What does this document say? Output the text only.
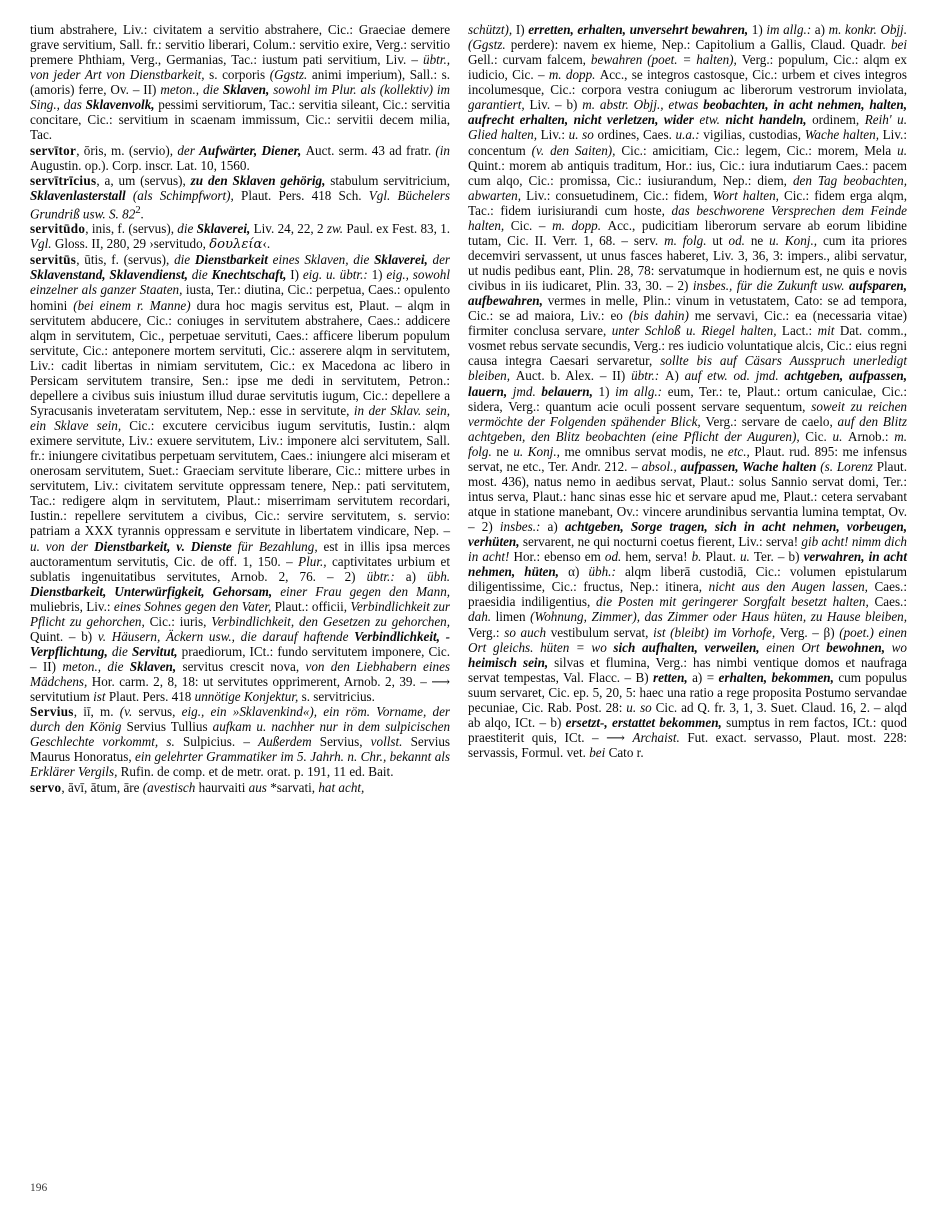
tium abstrahere, Liv.: civitatem a servitio abstrahere, Cic.: Graeciae demere grave servitium, Sall. fr.: servitio liberari, Colum.: servitio exire, Verg.: servitio premere Phthiam, Verg., Germanias, Tac.: iustum pati servitium, Liv. – übtr., von jeder Art von Dienstbarkeit, s. corporis (Ggstz. animi imperium), Sall.: s. (amoris) ferre, Ov. – II) meton., die Sklaven, sowohl im Plur. als (kollektiv) im Sing., das Sklavenvolk, pessimi servitiorum, Tac.: servitia sileant, Cic.: servitia concitare, Cic.: servitium in scaenam immissum, Cic.: servitii decem milia, Tac.

servītor, ōris, m. (servio), der Aufwärter, Diener, Auct. serm. 43 ad fratr. (in Augustin. op.). Corp. inscr. Lat. 10, 1560.

servītrīcius, a, um (servus), zu den Sklaven gehörig, stabulum servitricium, Sklavenlasterstall (als Schimpfwort), Plaut. Pers. 418 Sch. Vgl. Büchelers Grundriß usw. S. $82^2$.

servitūdo, inis, f. (servus), die Sklaverei, Liv. 24, 22, 2 zw. Paul. ex Fest. 83, 1. Vgl. Gloss. II, 280, 29 ›servitudo, δουλεία‹.

servitūs, ūtis, f. (servus), die Dienstbarkeit eines Sklaven, die Sklaverei, der Sklavenstand, Sklavendienst, die Knechtschaft, I) eig. u. übtr.: 1) eig., sowohl einzelner als ganzer Staaten, iusta, Ter.: diutina, Cic.: perpetua, Caes.: opulento homini (bei einem r. Manne) dura hoc magis servitus est, Plaut. – alqm in servitutem abducere, Cic.: coniuges in servitutem abstrahere, Caes.: addicere alqm in servitutem, Cic., perpetuae servituti, Caes.: afficere liberum populum servitute, Cic.: anteponere mortem servituti, Cic.: asserere alqm in servitutem, Liv.: cadit libertas in nimiam servitutem, Cic.: ex Macedona ac libero in Persicam servitutem transire, Sen.: ipse me dedi in servitutem, Petron.: depellere a civibus suis iniustum illud durae servitutis iugum, Cic.: depellere a Syracusanis inveteratam servitutem, Nep.: esse in servitute, in der Sklav. sein, ein Sklave sein, Cic.: excutere cervicibus iugum servitutis, Iustin.: alqm eximere servitute, Liv.: exuere servitutem, Liv.: imponere alci servitutem, Sall. fr.: iniungere civitatibus perpetuam servitutem, Caes.: iniungere alci miseram et onerosam servitutem, Suet.: Graeciam servitute liberare, Cic.: mittere urbes in servitutem, Liv.: civitatem servitute oppressam tenere, Nep.: pati servitutem, Tac.: redigere alqm in servitutem, Plaut.: miserrimam servitutem recordari, Iustin.: repellere servitutem a civibus, Cic.: servire servitutem, s. servio: patriam a XXX tyrannis oppressam e servitute in libertatem vindicare, Nep. – u. von der Dienstbarkeit, v. Dienste für Bezahlung, est in illis ipsa merces auctoramentum servitutis, Cic. de off. 1, 150. – Plur., captivitates urbium et sublatis ingenuitatibus servitutes, Arnob. 2, 76. – 2) übtr.: a) übh. Dienstbarkeit, Unterwürfigkeit, Gehorsam, einer Frau gegen den Mann, muliebris, Liv.: eines Sohnes gegen den Vater, Plaut.: officii, Verbindlichkeit zur Pflicht zu gehorchen, Cic.: iuris, Verbindlichkeit, den Gesetzen zu gehorchen, Quint. – b) v. Häusern, Äckern usw., die darauf haftende Verbindlichkeit, -Verpflichtung, die Servitut, praediorum, ICt.: fundo servitutem imponere, Cic. – II) meton., die Sklaven, servitus crescit nova, von den Liebhabern eines Mädchens, Hor. carm. 2, 8, 18: ut servitutes opprimerent, Arnob. 2, 39. – ⟶ servitutium ist Plaut. Pers. 418 unnötige Konjektur, s. servitricius.

Servius, iī, m. (v. servus, eig., ein »Sklavenkind«), ein röm. Vorname, der durch den König Servius Tullius aufkam u. nachher nur in dem sulpicischen Geschlechte vorkommt, s. Sulpicius. – Außerdem Servius, vollst. Servius Maurus Honoratus, ein gelehrter Grammatiker im 5. Jahrh. n. Chr., bekannt als Erklärer Vergils, Rufin. de comp. et de metr. orat. p. 191, 11 ed. Bait.

servo, āvī, ātum, āre (avestisch haurvaiti aus *sarvati, hat acht,

schützt), I) erretten, erhalten, unversehrt bewahren, 1) im allg.: a) m. konkr. Objj. (Ggstz. perdere): navem ex hieme, Nep.: Capitolium a Gallis, Claud. Quadr. bei Gell.: curvam falcem, bewahren (poet. = halten), Verg.: populum, Cic.: alqm ex iudicio, Cic. – m. dopp. Acc., se integros castosque, Cic.: urbem et cives integros incolumesque, Cic.: corpora vestra coniugum ac liberorum vestrorum inviolata, garantiert, Liv. – b) m. abstr. Objj., etwas beobachten, in acht nehmen, halten, aufrecht erhalten, nicht verletzen, wider etw. nicht handeln, ordinem, Reih' u. Glied halten, Liv.: u. so ordines, Caes. u.a.: vigilias, custodias, Wache halten, Liv.: concentum (v. den Saiten), Cic.: amicitiam, Cic.: legem, Cic.: morem, Mela u. Quint.: morem ab antiquis traditum, Hor.: ius, Cic.: iura indutiarum Caes.: pacem cum alqo, Cic.: promissa, Cic.: iusiurandum, Nep.: diem, den Tag beobachten, abwarten, Liv.: consuetudinem, Cic.: fidem, Wort halten, Cic.: fidem erga alqm, Tac.: fidem iurisiurandi cum hoste, das beschworene Versprechen dem Feinde halten, Cic. – m. dopp. Acc., pudicitiam liberorum servare ab eorum libidine tutam, Cic. II. Verr. 1, 68. – serv. m. folg. ut od. ne u. Konj., cum ita priores decemviri servassent, ut unus fasces haberet, Liv. 3, 36, 3: impers., alibi servatur, ut nudis pedibus eant, Plin. 28, 78: servatumque in hodiernum est, ne quis e novis civibus in iis iudicaret, Plin. 33, 30. – 2) insbes., für die Zukunft usw. aufsparen, aufbewahren, vermes in melle, Plin.: vinum in vetustatem, Cato: se ad tempora, Cic.: se ad maiora, Liv.: eo (bis dahin) me servavi, Cic.: ea (necessaria vitae) firmiter conclusa servare, unter Schloß u. Riegel halten, Lact.: mit Dat. comm., vosmet rebus servate secundis, Verg.: res iudicio voluntatique alcis, Cic.: eius regni causa integra Caesari servaretur, sollte bis auf Cäsars Ausspruch unerledigt bleiben, Auct. b. Alex. – II) übtr.: A) auf etw. od. jmd. achtgeben, aufpassen, lauern, jmd. belauern, 1) im allg.: eum, Ter.: te, Plaut.: ortum caniculae, Cic.: sidera, Verg.: quantum acie oculi possent servare sequentum, soweit zu reichen vermöchte der Folgenden spähender Blick, Verg.: servare de caelo, auf den Blitz achtgeben, den Blitz beobachten (eine Pflicht der Auguren), Cic. u. Arnob.: m. folg. ne u. Konj., me omnibus servat modis, ne etc., Plaut. rud. 895: me infensus servat, ne etc., Ter. Andr. 212. – absol., aufpassen, Wache halten (s. Lorenz Plaut. most. 436), natus nemo in aedibus servat, Plaut.: solus Sannio servat domi, Ter.: intus serva, Plaut.: hanc sinas esse hic et servare apud me, Plaut.: cetera servabant atque in statione manebant, Ov.: vincere arundinibus servantia lumina temptat, Ov. – 2) insbes.: a) achtgeben, Sorge tragen, sich in acht nehmen, vorbeugen, verhüten, servarent, ne qui nocturni coetus fierent, Liv.: serva! gib acht! nimm dich in acht! Hor.: ebenso em od. hem, serva! b. Plaut. u. Ter. – b) verwahren, in acht nehmen, hüten, α) übh.: alqm liberā custodiā, Cic.: volumen epistularum diligentissime, Cic.: fructus, Nep.: itinera, nicht aus den Augen lassen, Caes.: praesidia indiligentius, die Posten mit geringerer Sorgfalt besetzt halten, Caes.: dah. limen (Wohnung, Zimmer), das Zimmer oder Haus hüten, zu Hause bleiben, Verg.: so auch vestibulum servat, ist (bleibt) im Vorhofe, Verg. – β) (poet.) einen Ort gleichs. hüten = wo sich aufhalten, verweilen, einen Ort bewohnen, wo heimisch sein, silvas et flumina, Verg.: has nimbi ventique domos et naufraga servat tempestas, Val. Flacc. – B) retten, a) = erhalten, bekommen, cum populus suum servaret, Cic. ep. 5, 20, 5: haec una ratio a rege proposita Postumo servandae pecuniae, Cic. Rab. Post. 28: u. so Cic. ad Q. fr. 3, 1, 3. Suet. Claud. 16, 2. – alqd ab alqo, ICt. – b) ersetzt-, erstattet bekommen, sumptus in rem factos, ICt.: quod praestiterit quis, ICt. – ⟶ Archaist. Fut. exact. servasso, Plaut. most. 228: servassis, Formul. vet. bei Cato r.

196
